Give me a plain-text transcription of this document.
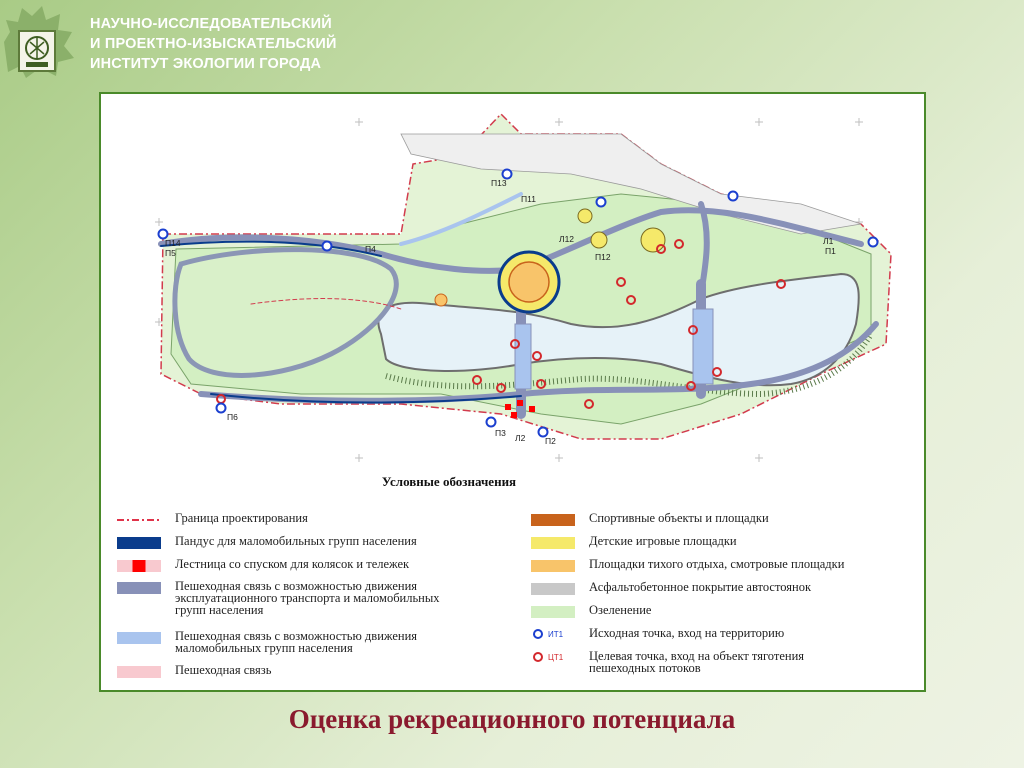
НАУЧНО-ИССЛЕДОВАТЕЛЬСКИЙ
И ПРОЕКТНО-ИЗЫСКАТЕЛЬСКИЙ
ИНСТИТУТ ЭКОЛОГИИ ГОРОДА
Л1
П1
П2
П3 Л2
П4
П5
П14
П6
П11
П12
П13
Л12
Условные обозначения
Граница проектирования
Пандус для маломобильных групп населения
Лестница со спуском для колясок и тележек
Пешеходная связь с возможностью движения
эксплуатационного транспорта и маломобильных
групп населения
Пешеходная связь с возможностью движения
маломобильных групп населения
Пешеходная связь
Спортивные объекты и площадки
Детские игровые площадки
Площадки тихого отдыха, смотровые площадки
Асфальтобетонное покрытие автостоянок
Озеленение
ИТ1 Исходная точка, вход на территорию
ЦТ1 Целевая точка, вход на объект тяготения
пешеходных потоков
Оценка рекреационного потенциала
